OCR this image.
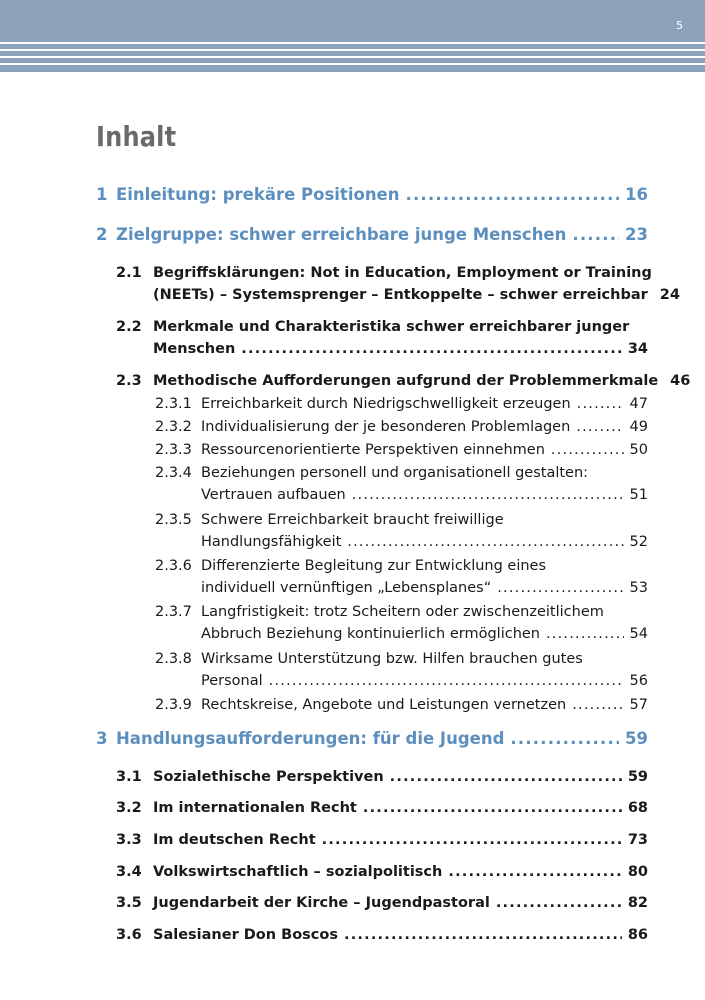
5
Inhalt
1 Einleitung: prekäre Positionen .....	16
2 Zielgruppe: schwer erreichbare junge Menschen .....	23
2.1 Begriffsklärungen: Not in Education, Employment or Training
(NEETs) – Systemsprenger – Entkoppelte – schwer erreichbar 24
2.2 Merkmale und Charakteristika schwer erreichbarer junger
Menschen .....	34
2.3 Methodische Aufforderungen aufgrund der Problemmerkmale 46
2.3.1 Erreichbarkeit durch Niedrigschwelligkeit erzeugen .....	47
2.3.2 Individualisierung der je besonderen Problemlagen .....	49
2.3.3 Ressourcenorientierte Perspektiven einnehmen .....	50
2.3.4 Beziehungen personell und organisationell gestalten:
Vertrauen aufbauen .....	51
2.3.5 Schwere Erreichbarkeit braucht freiwillige
Handlungsfähigkeit .....	52
2.3.6 Differenzierte Begleitung zur Entwicklung eines
individuell vernünftigen „Lebensplanes“ .....	53
2.3.7 Langfristigkeit: trotz Scheitern oder zwischenzeitlichem
Abbruch Beziehung kontinuierlich ermöglichen .....	54
2.3.8 Wirksame Unterstützung bzw. Hilfen brauchen gutes
Personal .....	56
2.3.9 Rechtskreise, Angebote und Leistungen vernetzen .....	57
3 Handlungsaufforderungen: für die Jugend .....	59
3.1 Sozialethische Perspektiven .....	59
3.2 Im internationalen Recht .....	68
3.3 Im deutschen Recht .....	73
3.4 Volkswirtschaftlich – sozialpolitisch .....	80
3.5 Jugendarbeit der Kirche – Jugendpastoral .....	82
3.6 Salesianer Don Boscos .....	86
